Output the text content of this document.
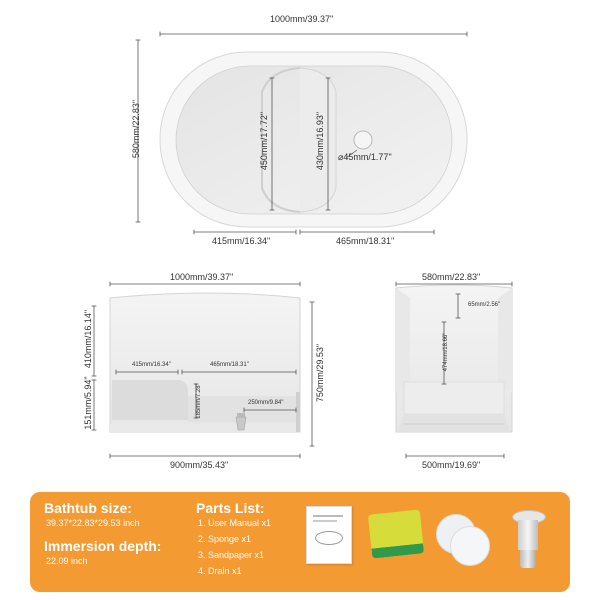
1000mm/39.37"
580mm/22.83"	450mm/17.72"	430mm/16.93" ⌀45mm/1.77"
415mm/16.34"	465mm/18.31"
1000mm/39.37"
410mm/16.14"
151mm/5.94"
750mm/29.53"
415mm/16.34"	465mm/18.31"
185mm/7.28"	250mm/9.84"
900mm/35.43"
580mm/22.83"
65mm/2.56"
474mm/18.66"
500mm/19.69"
Bathtub size:
39.37*22.83*29.53 inch
Immersion depth:
22.09 inch
Parts List:
1. User Manual x1
2. Sponge x1
3. Sandpaper x1
4. Drain x1
